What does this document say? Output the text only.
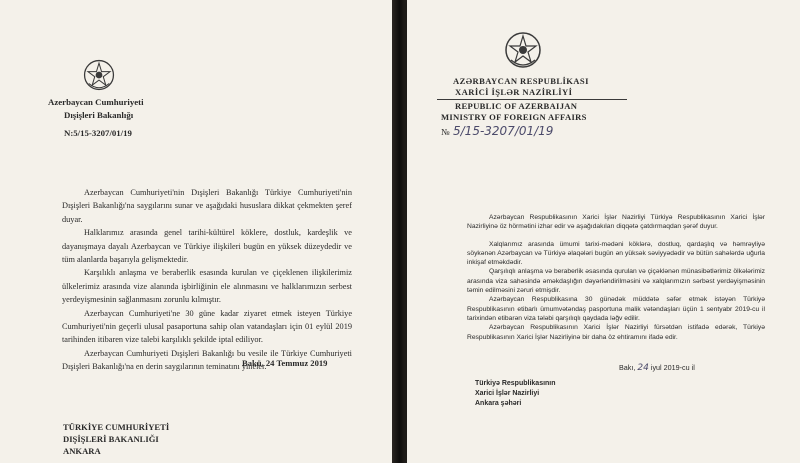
Azerbaycan Cumhuriyeti
Dışişleri Bakanlığı
N:5/15-3207/01/19

Azerbaycan Cumhuriyeti'nin Dışişleri Bakanlığı Türkiye Cumhuriyeti'nin Dışişleri Bakanlığı'na saygılarını sunar ve aşağıdaki hususlara dikkat çekmekten şeref duyar.

Halklarımız arasında genel tarihi-kültürel köklere, dostluk, kardeşlik ve dayanışmaya dayalı Azerbaycan ve Türkiye ilişkileri bugün en yüksek düzeydedir ve tüm alanlarda başarıyla gelişmektedir.

Karşılıklı anlaşma ve beraberlik esasında kurulan ve çiçeklenen ilişkilerimiz ülkelerimiz arasında vize alanında işbirliğinin ele alınmasını ve halklarımızın serbest yerdeyişmesinin sağlanmasını zorunlu kılmıştır.

Azerbaycan Cumhuriyeti'ne 30 güne kadar ziyaret etmek isteyen Türkiye Cumhuriyeti'nin geçerli ulusal pasaportuna sahip olan vatandaşları için 01 eylül 2019 tarihinden itibaren vize talebi karşılıklı şekilde iptal ediliyor.

Azerbaycan Cumhuriyeti Dışişleri Bakanlığı bu vesile ile Türkiye Cumhuriyeti Dışişleri Bakanlığı'na en derin saygılarının teminatını yineler.

Bakü, 24 Temmuz 2019
TÜRKİYE CUMHURİYETİ
DIŞİŞLERİ BAKANLIĞI
ANKARA
AZƏRBAYCAN RESPUBLİKASI
XARİCİ İŞLƏR NAZİRLİYİ
REPUBLIC OF AZERBAIJAN
MINISTRY OF FOREIGN AFFAIRS
№ 5/15-3207/01/19

Azərbaycan Respublikasının Xarici İşlər Nazirliyi Türkiyə Respublikasının Xarici İşlər Nazirliyinə öz hörmətini izhar edir və aşağıdakıları diqqətə çatdırmaqdan şərəf duyur.

Xalqlarımız arasında ümumi tarixi-mədəni köklərə, dostluq, qardaşlıq və həmrəyliyə söykənən Azərbaycan və Türkiyə əlaqələri bugün ən yüksək səviyyədədir və bütün sahələrdə uğurla inkişaf etməkdədir.

Qarşılıqlı anlaşma və beraberlik əsasında qurulan və çiçəklənən münasibətlərimiz ölkələrimiz arasında viza sahəsində əməkdaşlığın dəyərləndirilməsini və xalqlarımızın sərbəst yerdəyişməsinin təmin edilməsini zəruri etmişdir.

Azərbaycan Respublikasına 30 günədək müddətə səfər etmək istəyən Türkiyə Respublikasının etibarlı ümumvətəndaş pasportuna malik vətəndaşları üçün 1 sentyabr 2019-cu il tarixindən etibarən viza tələbi qarşılıqlı qaydada ləğv edilir.

Azərbaycan Respublikasının Xarici İşlər Nazirliyi fürsətdən istifadə edərək, Türkiyə Respublikasının Xarici İşlər Nazirliyinə bir daha öz ehtiramını ifadə edir.

Bakı, 24 iyul 2019-cu il
Türkiyə Respublikasının
Xarici İşlər Nazirliyi
Ankara şəhəri
